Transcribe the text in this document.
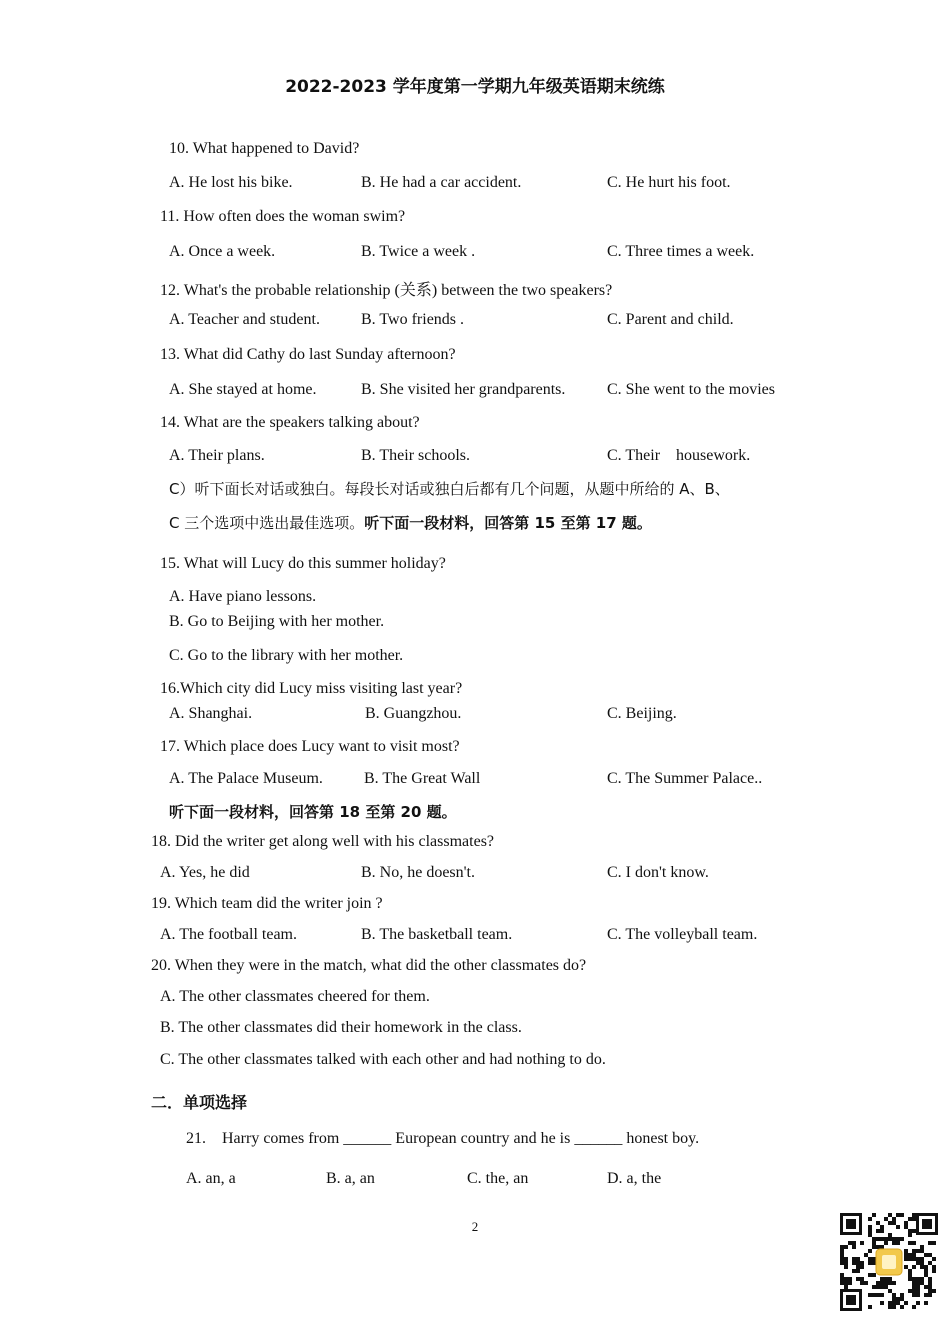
2022-2023 学年度第一学期九年级英语期末统练
10. What happened to David?
A. He lost his bike.	B. He had a car accident.	C. He hurt his foot.
11. How often does the woman swim?
A. Once a week.	B. Twice a week .	C. Three times a week.
12. What's the probable relationship (关系) between the two speakers?
A. Teacher and student.	B. Two friends .	C. Parent and child.
13. What did Cathy do last Sunday afternoon?
A. She stayed at home.	B. She visited her grandparents.	C. She went to the movies
14. What are the speakers talking about?
A. Their plans.	B. Their schools.	C. Their    housework.
C）听下面长对话或独白。每段长对话或独白后都有几个问题，从题中所给的 A、B、
C 三个选项中选出最佳选项。听下面一段材料，回答第 15 至第 17 题。
15. What will Lucy do this summer holiday?
A. Have piano lessons.
B. Go to Beijing with her mother.
C. Go to the library with her mother.
16.Which city did Lucy miss visiting last year?
A. Shanghai.	B. Guangzhou.	C. Beijing.
17. Which place does Lucy want to visit most?
A. The Palace Museum.	B. The Great Wall	C. The Summer Palace..
听下面一段材料，回答第 18 至第 20 题。
18. Did the writer get along well with his classmates?
A. Yes, he did	B. No, he doesn't.	C. I don't know.
19. Which team did the writer join ?
A. The football team.	B. The basketball team.	C. The volleyball team.
20. When they were in the match, what did the other classmates do?
A. The other classmates cheered for them.
B. The other classmates did their homework in the class.
C. The other classmates talked with each other and had nothing to do.
二．单项选择
21.    Harry comes from ______ European country and he is ______ honest boy.
A. an, a	B. a, an	C. the, an	D. a, the
2
